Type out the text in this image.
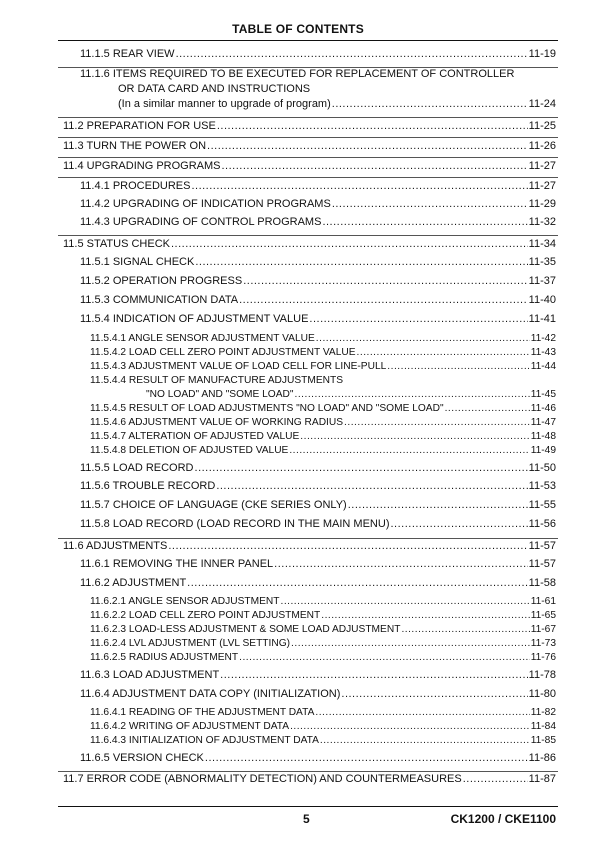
TABLE OF CONTENTS
11.1.5 REAR VIEW .....	11-19
11.1.6 ITEMS REQUIRED TO BE EXECUTED FOR REPLACEMENT OF CONTROLLER
OR DATA CARD AND INSTRUCTIONS
(In a similar manner to upgrade of program) .....	11-24
11.2 PREPARATION FOR USE .....	11-25
11.3 TURN THE POWER ON .....	11-26
11.4 UPGRADING PROGRAMS .....	11-27
11.4.1 PROCEDURES .....	11-27
11.4.2 UPGRADING OF INDICATION PROGRAMS .....	11-29
11.4.3 UPGRADING OF CONTROL PROGRAMS .....	11-32
11.5 STATUS CHECK .....	11-34
11.5.1 SIGNAL CHECK .....	11-35
11.5.2 OPERATION PROGRESS .....	11-37
11.5.3 COMMUNICATION DATA .....	11-40
11.5.4 INDICATION OF ADJUSTMENT VALUE .....	11-41
11.5.4.1 ANGLE SENSOR ADJUSTMENT VALUE .....	11-42
11.5.4.2 LOAD CELL ZERO POINT ADJUSTMENT VALUE .....	11-43
11.5.4.3 ADJUSTMENT VALUE OF LOAD CELL FOR LINE-PULL .....	11-44
11.5.4.4 RESULT OF MANUFACTURE ADJUSTMENTS
"NO LOAD" AND "SOME LOAD" .....	11-45
11.5.4.5 RESULT OF LOAD ADJUSTMENTS "NO LOAD" AND "SOME LOAD" .....	11-46
11.5.4.6 ADJUSTMENT VALUE OF WORKING RADIUS .....	11-47
11.5.4.7 ALTERATION OF ADJUSTED VALUE .....	11-48
11.5.4.8 DELETION OF ADJUSTED VALUE .....	11-49
11.5.5 LOAD RECORD .....	11-50
11.5.6 TROUBLE RECORD .....	11-53
11.5.7 CHOICE OF LANGUAGE (CKE SERIES ONLY) .....	11-55
11.5.8 LOAD RECORD (LOAD RECORD IN THE MAIN MENU) .....	11-56
11.6 ADJUSTMENTS .....	11-57
11.6.1 REMOVING THE INNER PANEL .....	11-57
11.6.2 ADJUSTMENT .....	11-58
11.6.2.1 ANGLE SENSOR ADJUSTMENT .....	11-61
11.6.2.2 LOAD CELL ZERO POINT ADJUSTMENT .....	11-65
11.6.2.3 LOAD-LESS ADJUSTMENT & SOME LOAD ADJUSTMENT .....	11-67
11.6.2.4 LVL ADJUSTMENT (LVL SETTING) .....	11-73
11.6.2.5 RADIUS ADJUSTMENT .....	11-76
11.6.3 LOAD ADJUSTMENT .....	11-78
11.6.4 ADJUSTMENT DATA COPY (INITIALIZATION) .....	11-80
11.6.4.1 READING OF THE ADJUSTMENT DATA .....	11-82
11.6.4.2 WRITING OF ADJUSTMENT DATA .....	11-84
11.6.4.3 INITIALIZATION OF ADJUSTMENT DATA .....	11-85
11.6.5 VERSION CHECK .....	11-86
11.7 ERROR CODE (ABNORMALITY DETECTION) AND COUNTERMEASURES .....	11-87
5	CK1200 / CKE1100
